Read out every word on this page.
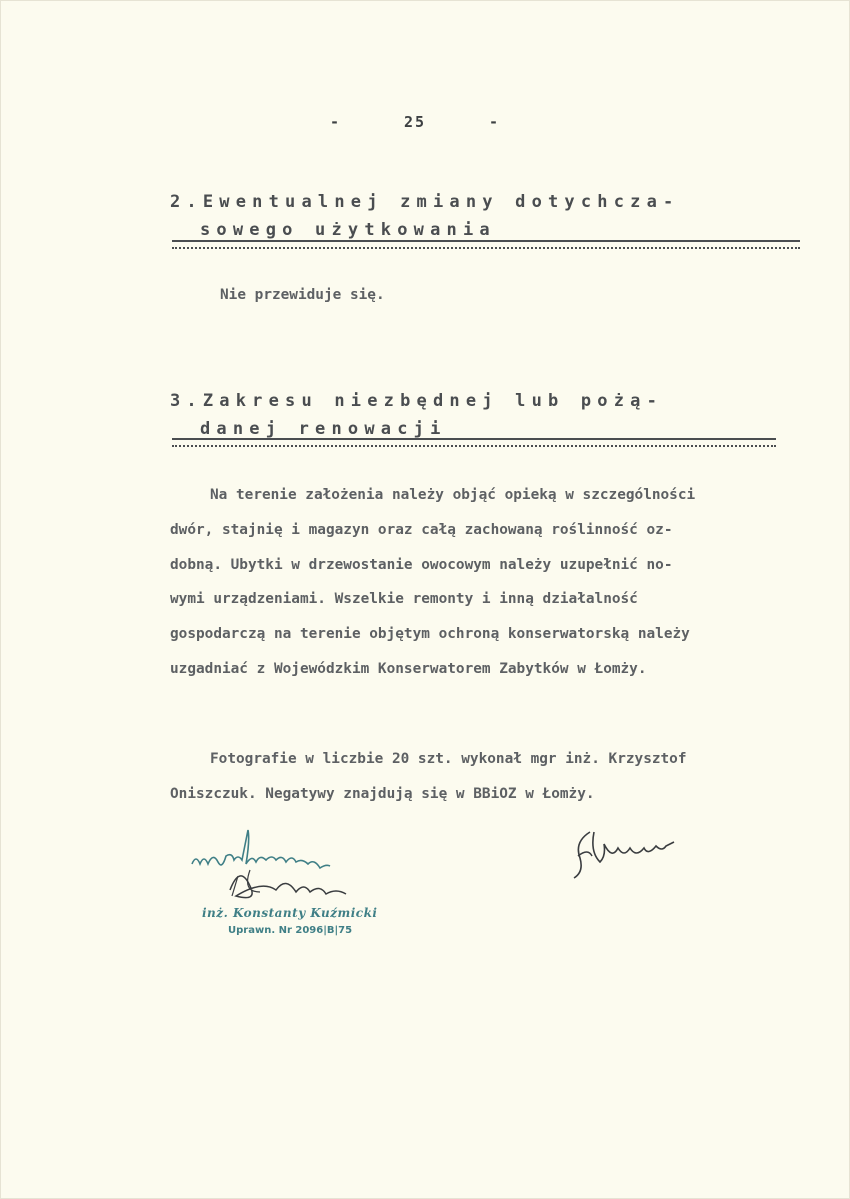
-	25	-
2.Ewentualnej zmiany dotychcza-
sowego użytkowania
Nie przewiduje się.
3.Zakresu niezbędnej lub pożą-
danej renowacji
Na terenie założenia należy objąć opieką w szczególności
dwór, stajnię i magazyn oraz całą zachowaną roślinność oz-
dobną. Ubytki w drzewostanie owocowym należy uzupełnić no-
wymi urządzeniami. Wszelkie remonty i inną działalność
gospodarczą na terenie objętym ochroną konserwatorską należy
uzgadniać z Wojewódzkim Konserwatorem Zabytków w Łomży.
Fotografie w liczbie 20 szt. wykonał mgr inż. Krzysztof
Oniszczuk. Negatywy znajdują się w BBiOZ w Łomży.
inż. Konstanty Kuźmicki
Uprawn. Nr 2096|B|75
